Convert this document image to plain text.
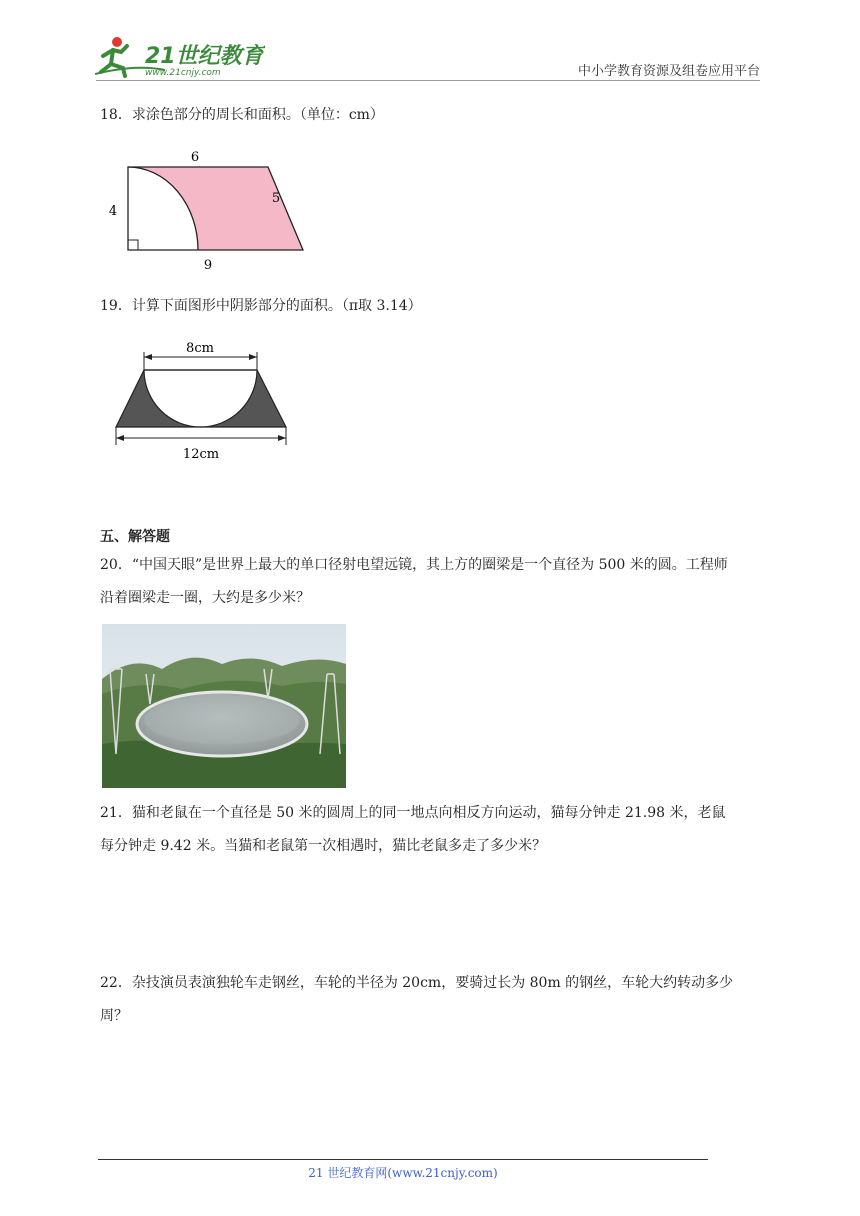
21世纪教育
www.21cnjy.com	中小学教育资源及组卷应用平台
18．求涂色部分的周长和面积。（单位：cm）
6
4
5
9
19．计算下面图形中阴影部分的面积。（π取 3.14）
8cm
12cm
五、解答题
20．“中国天眼”是世界上最大的单口径射电望远镜，其上方的圈梁是一个直径为 500 米的圆。工程师
沿着圈梁走一圈，大约是多少米？
21．猫和老鼠在一个直径是 50 米的圆周上的同一地点向相反方向运动，猫每分钟走 21.98 米，老鼠
每分钟走 9.42 米。当猫和老鼠第一次相遇时，猫比老鼠多走了多少米？
22．杂技演员表演独轮车走钢丝，车轮的半径为 20cm，要骑过长为 80m 的钢丝，车轮大约转动多少
周？
21 世纪教育网(www.21cnjy.com)
